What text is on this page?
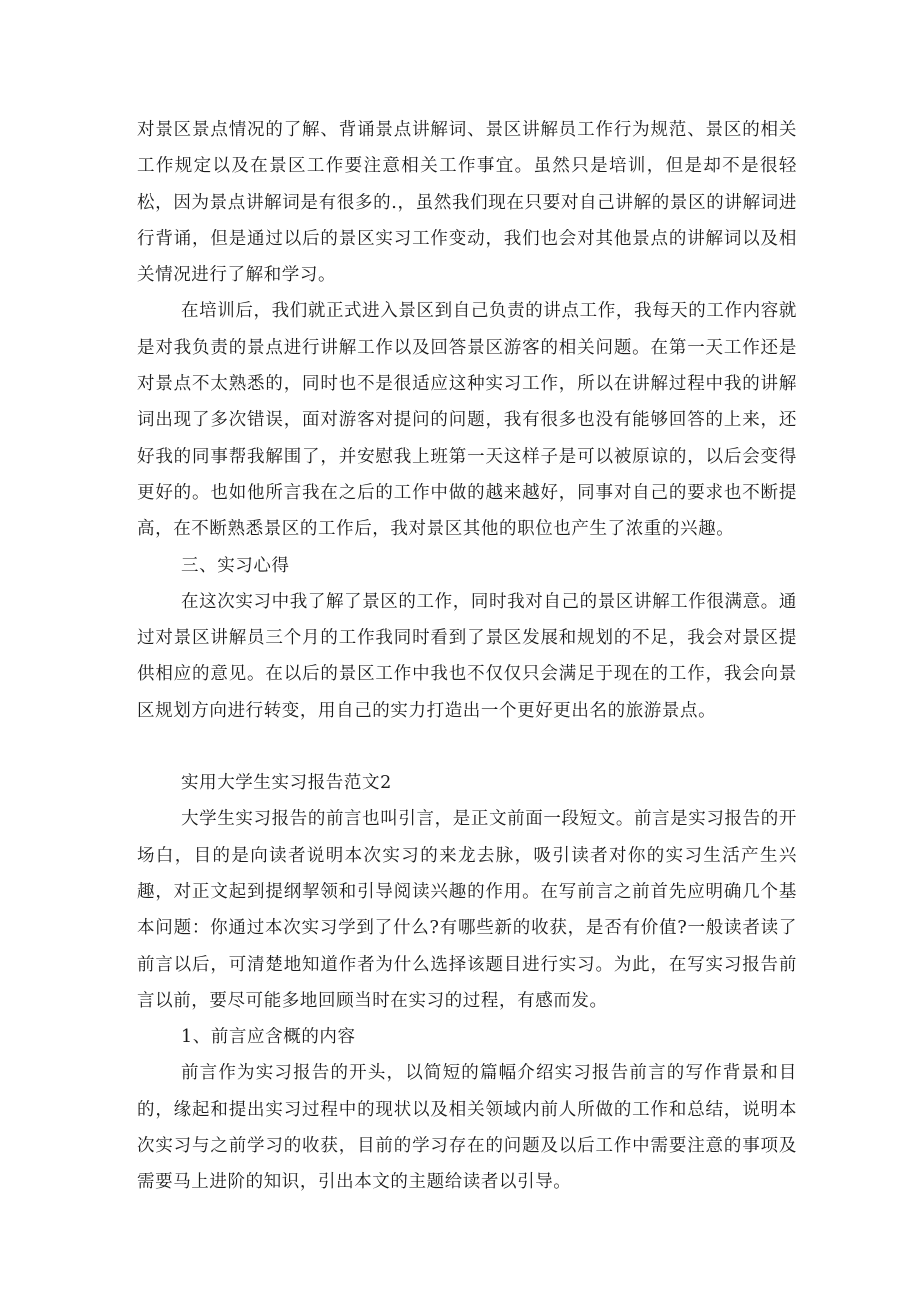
对景区景点情况的了解、背诵景点讲解词、景区讲解员工作行为规范、景区的相关工作规定以及在景区工作要注意相关工作事宜。虽然只是培训，但是却不是很轻松，因为景点讲解词是有很多的.，虽然我们现在只要对自己讲解的景区的讲解词进行背诵，但是通过以后的景区实习工作变动，我们也会对其他景点的讲解词以及相关情况进行了解和学习。

在培训后，我们就正式进入景区到自己负责的讲点工作，我每天的工作内容就是对我负责的景点进行讲解工作以及回答景区游客的相关问题。在第一天工作还是对景点不太熟悉的，同时也不是很适应这种实习工作，所以在讲解过程中我的讲解词出现了多次错误，面对游客对提问的问题，我有很多也没有能够回答的上来，还好我的同事帮我解围了，并安慰我上班第一天这样子是可以被原谅的，以后会变得更好的。也如他所言我在之后的工作中做的越来越好，同事对自己的要求也不断提高，在不断熟悉景区的工作后，我对景区其他的职位也产生了浓重的兴趣。

三、实习心得

在这次实习中我了解了景区的工作，同时我对自己的景区讲解工作很满意。通过对景区讲解员三个月的工作我同时看到了景区发展和规划的不足，我会对景区提供相应的意见。在以后的景区工作中我也不仅仅只会满足于现在的工作，我会向景区规划方向进行转变，用自己的实力打造出一个更好更出名的旅游景点。

实用大学生实习报告范文2

大学生实习报告的前言也叫引言，是正文前面一段短文。前言是实习报告的开场白，目的是向读者说明本次实习的来龙去脉，吸引读者对你的实习生活产生兴趣，对正文起到提纲挈领和引导阅读兴趣的作用。在写前言之前首先应明确几个基本问题：你通过本次实习学到了什么?有哪些新的收获，是否有价值?一般读者读了前言以后，可清楚地知道作者为什么选择该题目进行实习。为此，在写实习报告前言以前，要尽可能多地回顾当时在实习的过程，有感而发。

1、前言应含概的内容

前言作为实习报告的开头，以简短的篇幅介绍实习报告前言的写作背景和目的，缘起和提出实习过程中的现状以及相关领域内前人所做的工作和总结，说明本次实习与之前学习的收获，目前的学习存在的问题及以后工作中需要注意的事项及需要马上进阶的知识，引出本文的主题给读者以引导。
